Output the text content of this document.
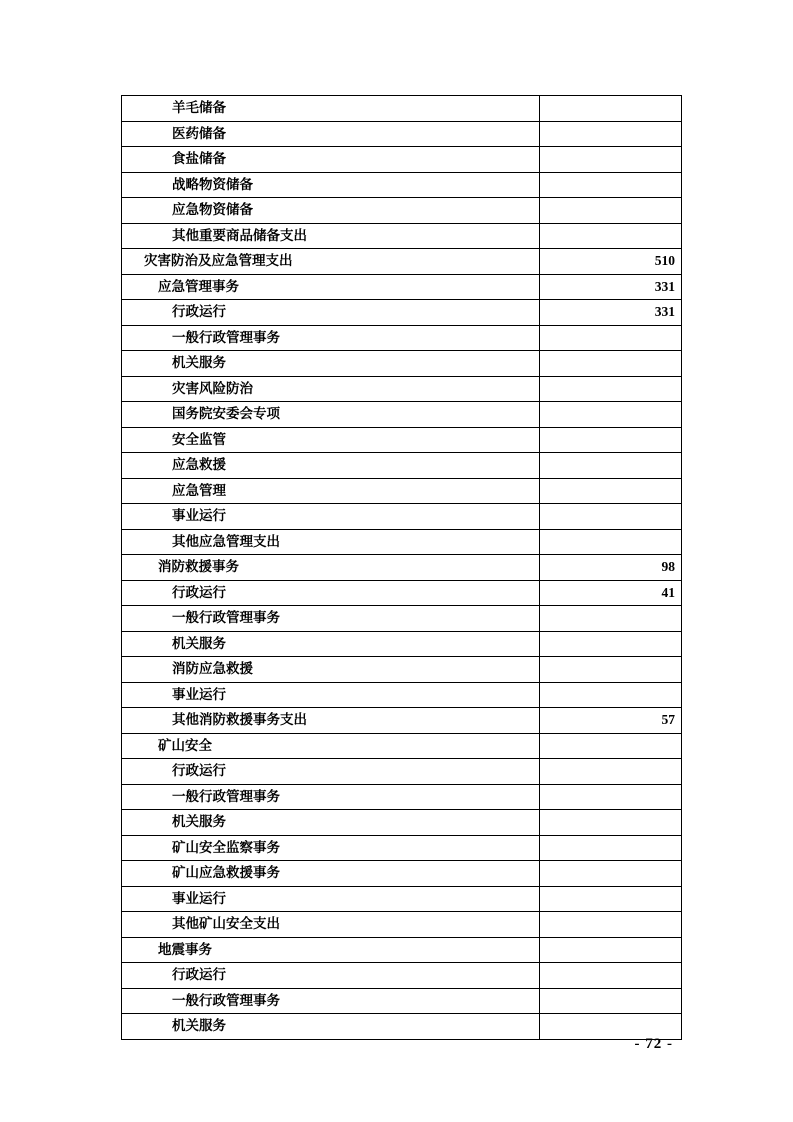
羊毛储备	
医药储备	
食盐储备	
战略物资储备	
应急物资储备	
其他重要商品储备支出	
灾害防治及应急管理支出	510
应急管理事务	331
行政运行	331
一般行政管理事务	
机关服务	
灾害风险防治	
国务院安委会专项	
安全监管	
应急救援	
应急管理	
事业运行	
其他应急管理支出	
消防救援事务	98
行政运行	41
一般行政管理事务	
机关服务	
消防应急救援	
事业运行	
其他消防救援事务支出	57
矿山安全	
行政运行	
一般行政管理事务	
机关服务	
矿山安全监察事务	
矿山应急救援事务	
事业运行	
其他矿山安全支出	
地震事务	
行政运行	
一般行政管理事务	
机关服务	
- 72 -
